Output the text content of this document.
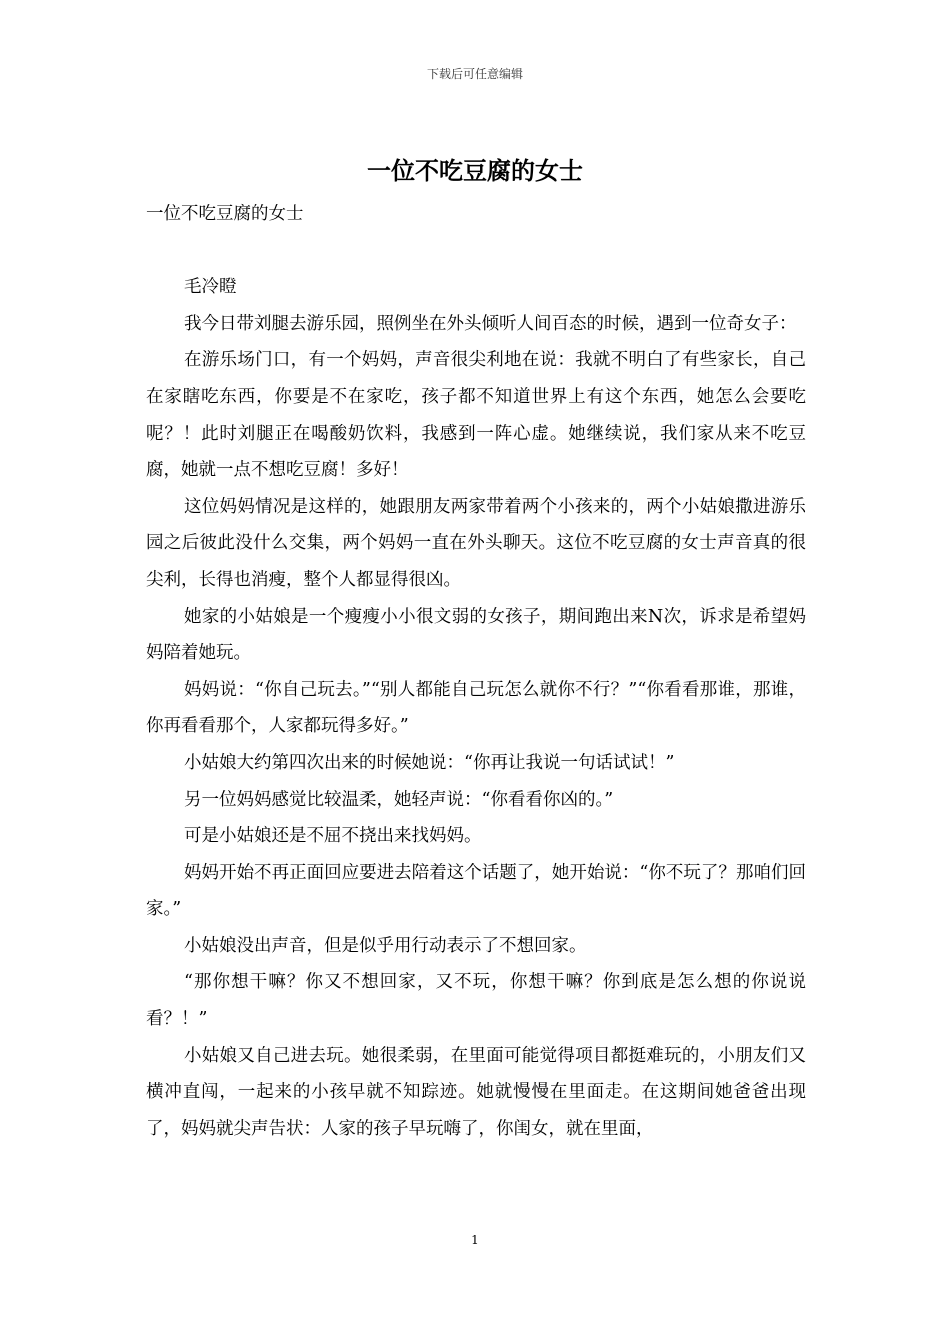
下载后可任意编辑
一位不吃豆腐的女士

一位不吃豆腐的女士

毛冷瞪

我今日带刘腿去游乐园，照例坐在外头倾听人间百态的时候，遇到一位奇女子：

在游乐场门口，有一个妈妈，声音很尖利地在说：我就不明白了有些家长，自己在家瞎吃东西，你要是不在家吃，孩子都不知道世界上有这个东西，她怎么会要吃呢？！此时刘腿正在喝酸奶饮料，我感到一阵心虚。她继续说，我们家从来不吃豆腐，她就一点不想吃豆腐！多好！

这位妈妈情况是这样的，她跟朋友两家带着两个小孩来的，两个小姑娘撒进游乐园之后彼此没什么交集，两个妈妈一直在外头聊天。这位不吃豆腐的女士声音真的很尖利，长得也消瘦，整个人都显得很凶。

她家的小姑娘是一个瘦瘦小小很文弱的女孩子，期间跑出来N次，诉求是希望妈妈陪着她玩。

妈妈说：“你自己玩去。”“别人都能自己玩怎么就你不行？”“你看看那谁，那谁，你再看看那个，人家都玩得多好。”

小姑娘大约第四次出来的时候她说：“你再让我说一句话试试！”

另一位妈妈感觉比较温柔，她轻声说：“你看看你凶的。”

可是小姑娘还是不屈不挠出来找妈妈。

妈妈开始不再正面回应要进去陪着这个话题了，她开始说：“你不玩了？那咱们回家。”

小姑娘没出声音，但是似乎用行动表示了不想回家。

“那你想干嘛？你又不想回家，又不玩，你想干嘛？你到底是怎么想的你说说看？！”

小姑娘又自己进去玩。她很柔弱，在里面可能觉得项目都挺难玩的，小朋友们又横冲直闯，一起来的小孩早就不知踪迹。她就慢慢在里面走。在这期间她爸爸出现了，妈妈就尖声告状：人家的孩子早玩嗨了，你闺女，就在里面，

1
